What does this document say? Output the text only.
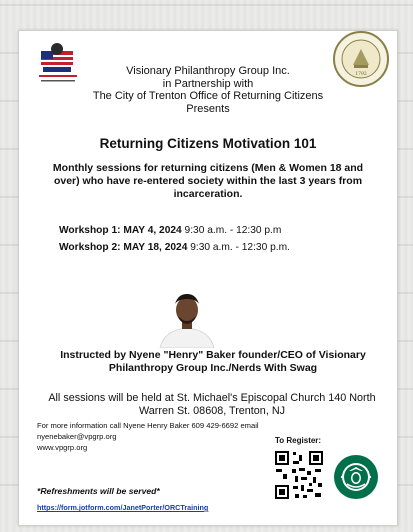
1792
Visionary Philanthropy Group Inc.
in Partnership with
The City of Trenton Office of Returning Citizens
Presents
Returning Citizens Motivation 101
Monthly sessions for returning citizens (Men & Women 18 and over) who have re-entered society within the last 3 years from incarceration.
Workshop 1: MAY 4, 2024 9:30 a.m. - 12:30 p.m
Workshop 2: MAY 18, 2024 9:30 a.m. - 12:30 p.m.
Instructed by Nyene "Henry" Baker founder/CEO of Visionary Philanthropy Group Inc./Nerds With Swag
All sessions will be held at St. Michael's Episcopal Church 140 North Warren St. 08608, Trenton, NJ
For more information call Nyene Henry Baker 609 429-6692 email
nyenebaker@vpgrp.org
www.vpgrp.org
To Register:
*Refreshments will be served*
https://form.jotform.com/JanetPorter/ORCTraining
